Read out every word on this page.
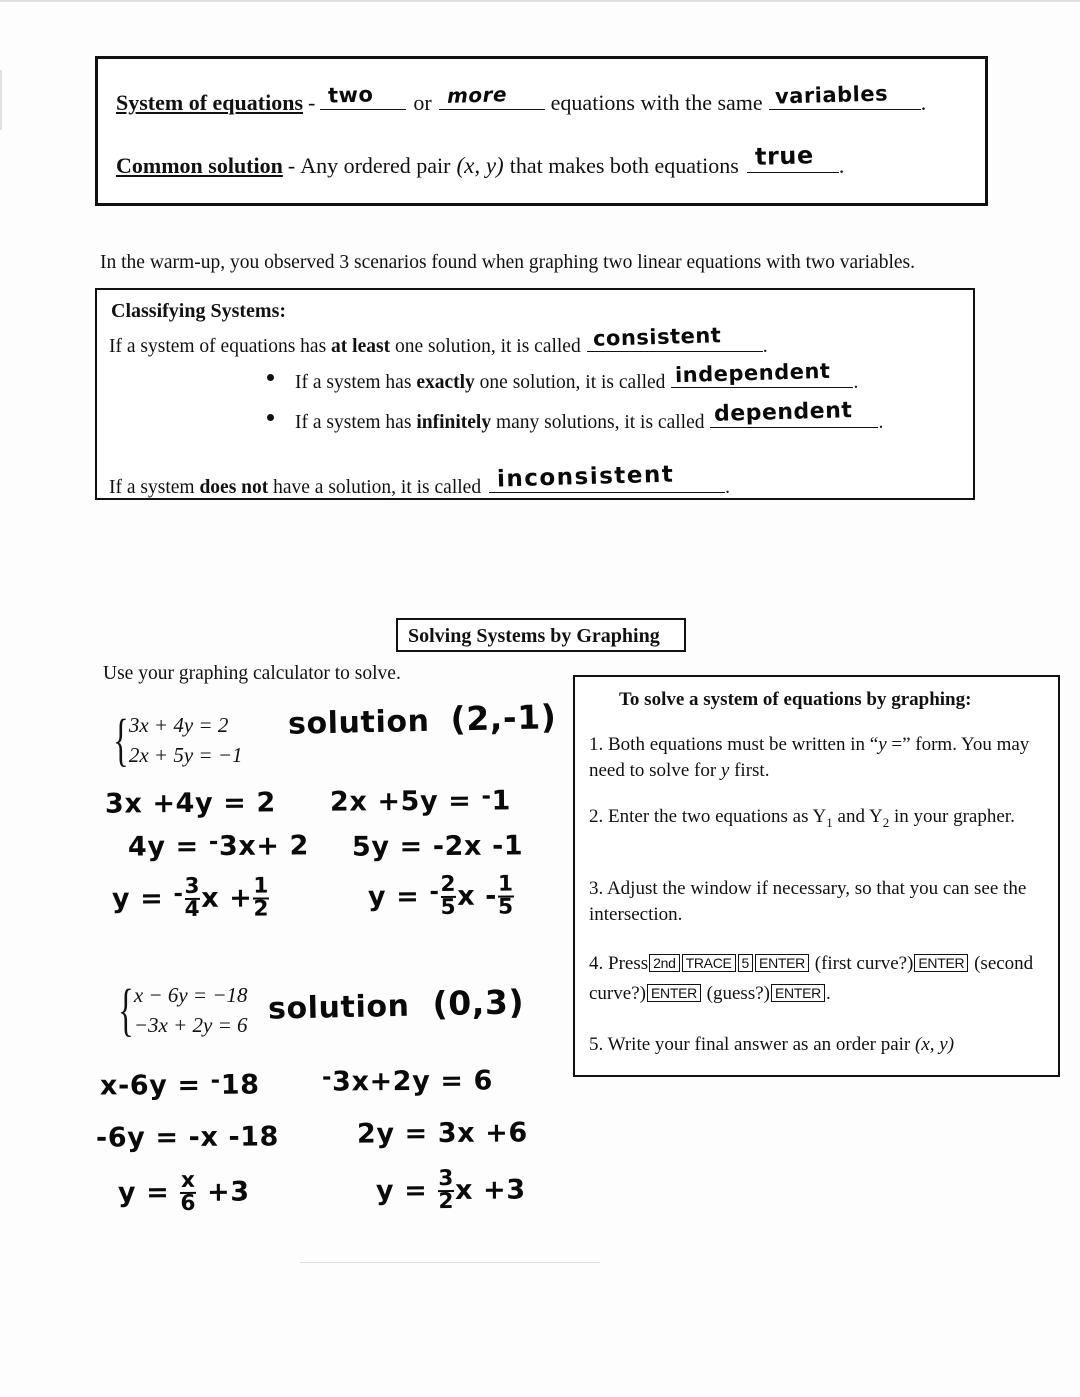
System of equations - two or more equations with the same variables .
Common solution - Any ordered pair (x, y) that makes both equations true .
In the warm-up, you observed 3 scenarios found when graphing two linear equations with two variables.
Classifying Systems:
If a system of equations has at least one solution, it is called consistent .
If a system has exactly one solution, it is called independent .
If a system has infinitely many solutions, it is called dependent .
If a system does not have a solution, it is called inconsistent	.
Solving Systems by Graphing
Use your graphing calculator to solve.
{ 3x + 4y = 2
2x + 5y = −1
solution (2,-1)
3x +4y = 2
4y = -3x+ 2
$y = ^- \frac{3}{4}$ $x + \frac{1}{2}$
2x +5y = -1
5y = -2x -1
$y = ^- \frac{2}{5}$ x - $\frac{1}{5}$
{ x − 6y = −18
−3x + 2y = 6 solution (0,3)
x-6y = -18
-6y = -x -18
$y = \frac{x}{6} +3$
-3x+2y = 6
2y = 3x +6
$y = \frac{3}{2}$ x +3
To solve a system of equations by graphing:
1. Both equations must be written in “y =” form. You may need to solve for y first.
2. Enter the two equations as $Y_1$ and $Y_2$ in your grapher.
3. Adjust the window if necessary, so that you can see the intersection.
4. Press 2nd TRACE 5 ENTER (first curve?) ENTER (second curve?) ENTER (guess?) ENTER .
5. Write your final answer as an order pair (x, y)
